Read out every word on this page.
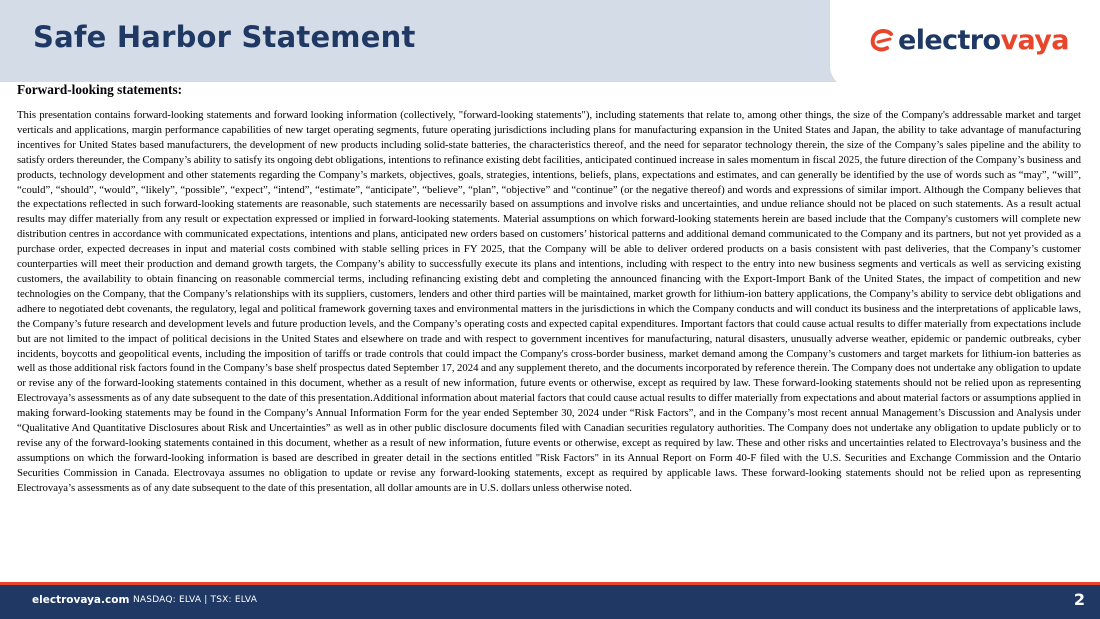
Safe Harbor Statement	electro vaya
Forward-looking statements:

This presentation contains forward-looking statements and forward looking information (collectively, "forward-looking statements"), including statements that relate to, among other things, the size of the Company's addressable market and target verticals and applications, margin performance capabilities of new target operating segments, future operating jurisdictions including plans for manufacturing expansion in the United States and Japan, the ability to take advantage of manufacturing incentives for United States based manufacturers, the development of new products including solid-state batteries, the characteristics thereof, and the need for separator technology therein, the size of the Company’s sales pipeline and the ability to satisfy orders thereunder, the Company’s ability to satisfy its ongoing debt obligations, intentions to refinance existing debt facilities, anticipated continued increase in sales momentum in fiscal 2025, the future direction of the Company’s business and products, technology development and other statements regarding the Company’s markets, objectives, goals, strategies, intentions, beliefs, plans, expectations and estimates, and can generally be identified by the use of words such as “may”, “will”, “could”, “should”, “would”, “likely”, “possible”, “expect”, “intend”, “estimate”, “anticipate”, “believe”, “plan”, “objective” and “continue” (or the negative thereof) and words and expressions of similar import. Although the Company believes that the expectations reflected in such forward-looking statements are reasonable, such statements are necessarily based on assumptions and involve risks and uncertainties, and undue reliance should not be placed on such statements. As a result actual results may differ materially from any result or expectation expressed or implied in forward-looking statements. Material assumptions on which forward-looking statements herein are based include that the Company's customers will complete new distribution centres in accordance with communicated expectations, intentions and plans, anticipated new orders based on customers’ historical patterns and additional demand communicated to the Company and its partners, but not yet provided as a purchase order, expected decreases in input and material costs combined with stable selling prices in FY 2025, that the Company will be able to deliver ordered products on a basis consistent with past deliveries, that the Company’s customer counterparties will meet their production and demand growth targets, the Company’s ability to successfully execute its plans and intentions, including with respect to the entry into new business segments and verticals as well as servicing existing customers, the availability to obtain financing on reasonable commercial terms, including refinancing existing debt and completing the announced financing with the Export-Import Bank of the United States, the impact of competition and new technologies on the Company, that the Company’s relationships with its suppliers, customers, lenders and other third parties will be maintained, market growth for lithium-ion battery applications, the Company’s ability to service debt obligations and adhere to negotiated debt covenants, the regulatory, legal and political framework governing taxes and environmental matters in the jurisdictions in which the Company conducts and will conduct its business and the interpretations of applicable laws, the Company’s future research and development levels and future production levels, and the Company’s operating costs and expected capital expenditures. Important factors that could cause actual results to differ materially from expectations include but are not limited to the impact of political decisions in the United States and elsewhere on trade and with respect to government incentives for manufacturing, natural disasters, unusually adverse weather, epidemic or pandemic outbreaks, cyber incidents, boycotts and geopolitical events, including the imposition of tariffs or trade controls that could impact the Company's cross-border business, market demand among the Company’s customers and target markets for lithium-ion batteries as well as those additional risk factors found in the Company’s base shelf prospectus dated September 17, 2024 and any supplement thereto, and the documents incorporated by reference therein. The Company does not undertake any obligation to update or revise any of the forward-looking statements contained in this document, whether as a result of new information, future events or otherwise, except as required by law. These forward-looking statements should not be relied upon as representing Electrovaya’s assessments as of any date subsequent to the date of this presentation.Additional information about material factors that could cause actual results to differ materially from expectations and about material factors or assumptions applied in making forward-looking statements may be found in the Company’s Annual Information Form for the year ended September 30, 2024 under “Risk Factors”, and in the Company’s most recent annual Management’s Discussion and Analysis under “Qualitative And Quantitative Disclosures about Risk and Uncertainties” as well as in other public disclosure documents filed with Canadian securities regulatory authorities. The Company does not undertake any obligation to update publicly or to revise any of the forward-looking statements contained in this document, whether as a result of new information, future events or otherwise, except as required by law. These and other risks and uncertainties related to Electrovaya’s business and the assumptions on which the forward-looking information is based are described in greater detail in the sections entitled "Risk Factors" in its Annual Report on Form 40-F filed with the U.S. Securities and Exchange Commission and the Ontario Securities Commission in Canada. Electrovaya assumes no obligation to update or revise any forward-looking statements, except as required by applicable laws. These forward-looking statements should not be relied upon as representing Electrovaya’s assessments as of any date subsequent to the date of this presentation, all dollar amounts are in U.S. dollars unless otherwise noted.

electrovaya.com NASDAQ: ELVA | TSX: ELVA	2
